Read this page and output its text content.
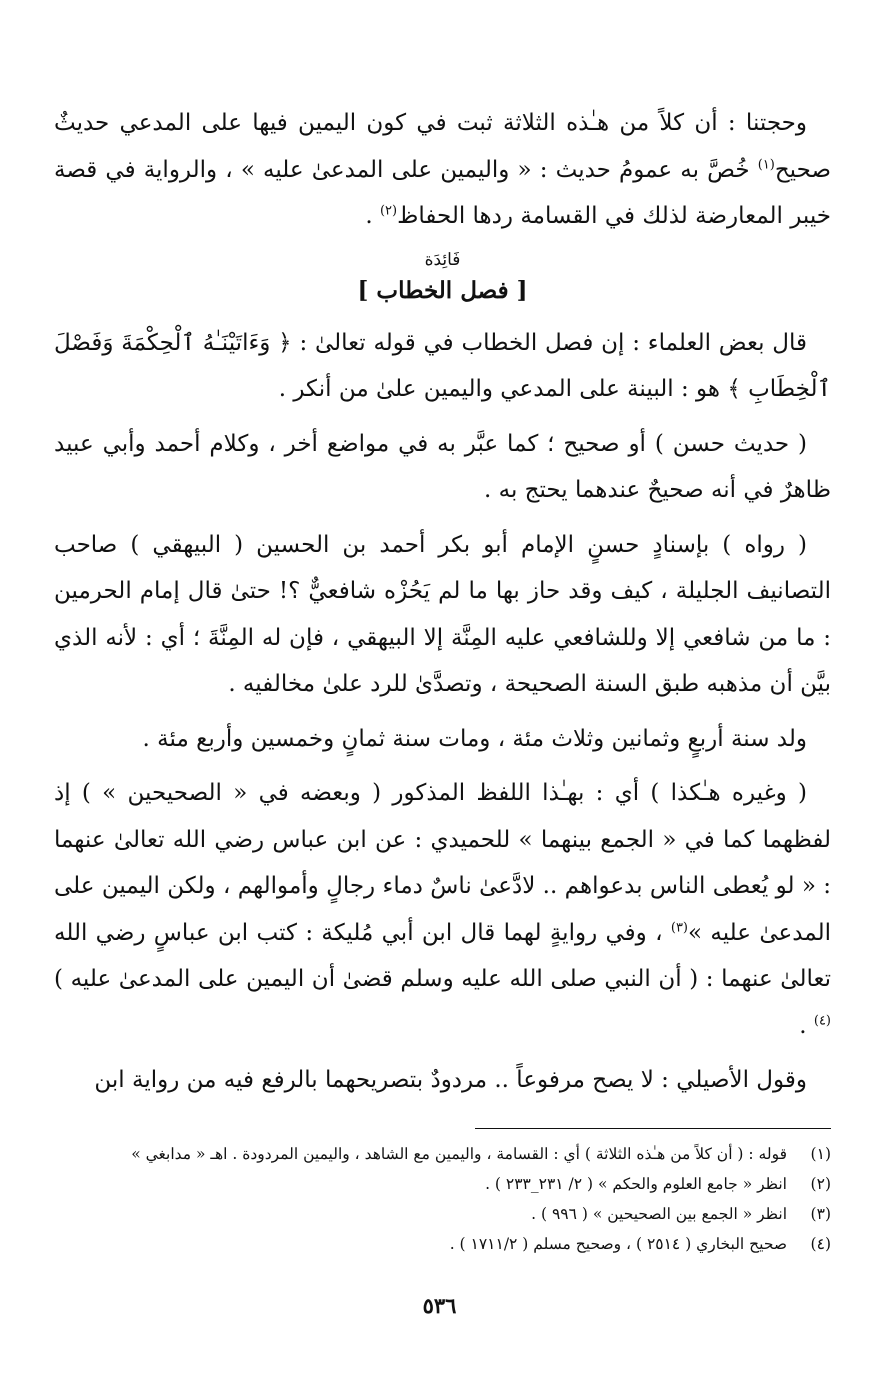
وحجتنا : أن كلاً من هـٰذه الثلاثة ثبت في كون اليمين فيها على المدعي حديثٌ صحيح$^{(١)}$ خُصَّ به عمومُ حديث : « واليمين على المدعىٰ عليه » ، والرواية في قصة خيبر المعارضة لذلك في القسامة ردها الحفاظ$^{(٢)}$ .

فَائِدَة
[ فصل الخطاب ]

قال بعض العلماء : إن فصل الخطاب في قوله تعالىٰ : ﴿ وَءَاتَيْنَـٰهُ ٱلْحِكْمَةَ وَفَصْلَ ٱلْخِطَابِ ﴾ هو : البينة على المدعي واليمين علىٰ من أنكر .

( حديث حسن ) أو صحيح ؛ كما عبَّر به في مواضع أخر ، وكلام أحمد وأبي عبيد ظاهرٌ في أنه صحيحٌ عندهما يحتج به .

( رواه ) بإسنادٍ حسنٍ الإمام أبو بكر أحمد بن الحسين ( البيهقي ) صاحب التصانيف الجليلة ، كيف وقد حاز بها ما لم يَحُزْه شافعيٌّ ؟! حتىٰ قال إمام الحرمين : ما من شافعي إلا وللشافعي عليه المِنَّة إلا البيهقي ، فإن له المِنَّةَ ؛ أي : لأنه الذي بيَّن أن مذهبه طبق السنة الصحيحة ، وتصدَّىٰ للرد علىٰ مخالفيه .

ولد سنة أربعٍ وثمانين وثلاث مئة ، ومات سنة ثمانٍ وخمسين وأربع مئة .

( وغيره هـٰكذا ) أي : بهـٰذا اللفظ المذكور ( وبعضه في « الصحيحين » ) إذ لفظهما كما في « الجمع بينهما » للحميدي : عن ابن عباس رضي الله تعالىٰ عنهما : « لو يُعطى الناس بدعواهم .. لادَّعىٰ ناسٌ دماء رجالٍ وأموالهم ، ولكن اليمين على المدعىٰ عليه »$^{(٣)}$ ، وفي روايةٍ لهما قال ابن أبي مُليكة : كتب ابن عباسٍ رضي الله تعالىٰ عنهما : ( أن النبي صلى الله عليه وسلم قضىٰ أن اليمين على المدعىٰ عليه )$^{(٤)}$ .

وقول الأصيلي : لا يصح مرفوعاً .. مردودٌ بتصريحهما بالرفع فيه من رواية ابن

(١)
قوله : ( أن كلاً من هـٰذه الثلاثة ) أي : القسامة ، واليمين مع الشاهد ، واليمين المردودة . اهـ « مدابغي »
(٢)
انظر « جامع العلوم والحكم » ( ٢/ ٢٣١_٢٣٣ ) .
(٣)
انظر « الجمع بين الصحيحين » ( ٩٩٦ ) .
(٤)
صحيح البخاري ( ٢٥١٤ ) ، وصحيح مسلم ( ١٧١١/٢ ) .
٥٣٦
